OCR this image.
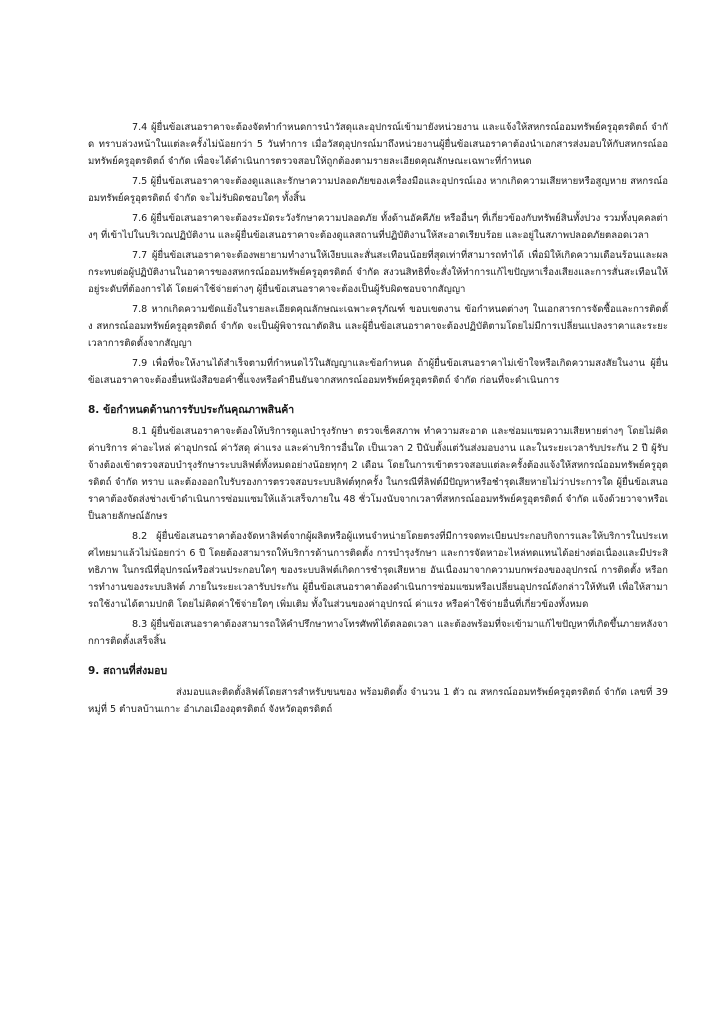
7.4 ผู้ยื่นข้อเสนอราคาจะต้องจัดทำกำหนดการนำวัสดุและอุปกรณ์เข้ามายังหน่วยงาน และแจ้งให้สหกรณ์ออมทรัพย์ครูอุตรดิตถ์ จำกัด ทราบล่วงหน้าในแต่ละครั้งไม่น้อยกว่า 5 วันทำการ เมื่อวัสดุอุปกรณ์มาถึงหน่วยงานผู้ยื่นข้อเสนอราคาต้องนำเอกสารส่งมอบให้กับสหกรณ์ออมทรัพย์ครูอุตรดิตถ์ จำกัด เพื่อจะได้ดำเนินการตรวจสอบให้ถูกต้องตามรายละเอียดคุณลักษณะเฉพาะที่กำหนด

7.5 ผู้ยื่นข้อเสนอราคาจะต้องดูแลและรักษาความปลอดภัยของเครื่องมือและอุปกรณ์เอง หากเกิดความเสียหายหรือสูญหาย สหกรณ์ออมทรัพย์ครูอุตรดิตถ์ จำกัด จะไม่รับผิดชอบใดๆ ทั้งสิ้น

7.6 ผู้ยื่นข้อเสนอราคาจะต้องระมัดระวังรักษาความปลอดภัย ทั้งด้านอัคคีภัย หรืออื่นๆ ที่เกี่ยวข้องกับทรัพย์สินทั้งปวง รวมทั้งบุคคลต่างๆ ที่เข้าไปในบริเวณปฏิบัติงาน และผู้ยื่นข้อเสนอราคาจะต้องดูแลสถานที่ปฏิบัติงานให้สะอาดเรียบร้อย และอยู่ในสภาพปลอดภัยตลอดเวลา

7.7 ผู้ยื่นข้อเสนอราคาจะต้องพยายามทำงานให้เงียบและสั่นสะเทือนน้อยที่สุดเท่าที่สามารถทำได้ เพื่อมิให้เกิดความเดือนร้อนและผลกระทบต่อผู้ปฏิบัติงานในอาคารของสหกรณ์ออมทรัพย์ครูอุตรดิตถ์ จำกัด สงวนสิทธิที่จะสั่งให้ทำการแก้ไขปัญหาเรื่องเสียงและการสั่นสะเทือนให้อยู่ระดับที่ต้องการได้ โดยค่าใช้จ่ายต่างๆ ผู้ยื่นข้อเสนอราคาจะต้องเป็นผู้รับผิดชอบจากสัญญา

7.8 หากเกิดความขัดแย้งในรายละเอียดคุณลักษณะเฉพาะครุภัณฑ์ ขอบเขตงาน ข้อกำหนดต่างๆ ในเอกสารการจัดซื้อและการติดตั้ง สหกรณ์ออมทรัพย์ครูอุตรดิตถ์ จำกัด จะเป็นผู้พิจารณาตัดสิน และผู้ยื่นข้อเสนอราคาจะต้องปฏิบัติตามโดยไม่มีการเปลี่ยนแปลงราคาและระยะเวลาการติดตั้งจากสัญญา

7.9 เพื่อที่จะให้งานได้สำเร็จตามที่กำหนดไว้ในสัญญาและข้อกำหนด ถ้าผู้ยื่นข้อเสนอราคาไม่เข้าใจหรือเกิดความสงสัยในงาน ผู้ยื่นข้อเสนอราคาจะต้องยื่นหนังสือขอคำชี้แจงหรือคำยืนยันจากสหกรณ์ออมทรัพย์ครูอุตรดิตถ์ จำกัด ก่อนที่จะดำเนินการ

8. ข้อกำหนดด้านการรับประกันคุณภาพสินค้า

8.1 ผู้ยื่นข้อเสนอราคาจะต้องให้บริการดูแลบำรุงรักษา ตรวจเช็คสภาพ ทำความสะอาด และซ่อมแซมความเสียหายต่างๆ โดยไม่คิดค่าบริการ ค่าอะไหล่ ค่าอุปกรณ์ ค่าวัสดุ ค่าแรง และค่าบริการอื่นใด เป็นเวลา 2 ปีนับตั้งแต่วันส่งมอบงาน และในระยะเวลารับประกัน 2 ปี ผู้รับจ้างต้องเข้าตรวจสอบบำรุงรักษาระบบลิฟต์ทั้งหมดอย่างน้อยทุกๆ 2 เดือน โดยในการเข้าตรวจสอบแต่ละครั้งต้องแจ้งให้สหกรณ์ออมทรัพย์ครูอุตรดิตถ์ จำกัด ทราบ และต้องออกใบรับรองการตรวจสอบระบบลิฟต์ทุกครั้ง ในกรณีที่ลิฟต์มีปัญหาหรือชำรุดเสียหายไม่ว่าประการใด ผู้ยื่นข้อเสนอราคาต้องจัดส่งช่างเข้าดำเนินการซ่อมแซมให้แล้วเสร็จภายใน 48 ชั่วโมงนับจากเวลาที่สหกรณ์ออมทรัพย์ครูอุตรดิตถ์ จำกัด แจ้งด้วยวาจาหรือเป็นลายลักษณ์อักษร

8.2 ผู้ยื่นข้อเสนอราคาต้องจัดหาลิฟต์จากผู้ผลิตหรือผู้แทนจำหน่ายโดยตรงที่มีการจดทะเบียนประกอบกิจการและให้บริการในประเทศไทยมาแล้วไม่น้อยกว่า 6 ปี โดยต้องสามารถให้บริการด้านการติดตั้ง การบำรุงรักษา และการจัดหาอะไหล่ทดแทนได้อย่างต่อเนื่องและมีประสิทธิภาพ ในกรณีที่อุปกรณ์หรือส่วนประกอบใดๆ ของระบบลิฟต์เกิดการชำรุดเสียหาย อันเนื่องมาจากความบกพร่องของอุปกรณ์ การติดตั้ง หรือการทำงานของระบบลิฟต์ ภายในระยะเวลารับประกัน ผู้ยื่นข้อเสนอราคาต้องดำเนินการซ่อมแซมหรือเปลี่ยนอุปกรณ์ดังกล่าวให้ทันที เพื่อให้สามารถใช้งานได้ตามปกติ โดยไม่คิดค่าใช้จ่ายใดๆ เพิ่มเติม ทั้งในส่วนของค่าอุปกรณ์ ค่าแรง หรือค่าใช้จ่ายอื่นที่เกี่ยวข้องทั้งหมด

8.3 ผู้ยื่นข้อเสนอราคาต้องสามารถให้คำปรึกษาทางโทรศัพท์ได้ตลอดเวลา และต้องพร้อมที่จะเข้ามาแก้ไขปัญหาที่เกิดขึ้นภายหลังจากการติดตั้งเสร็จสิ้น

9. สถานที่ส่งมอบ

ส่งมอบและติดตั้งลิฟต์โดยสารสำหรับขนของ พร้อมติดตั้ง จำนวน 1 ตัว ณ สหกรณ์ออมทรัพย์ครูอุตรดิตถ์ จำกัด เลขที่ 39 หมู่ที่ 5 ตำบลบ้านเกาะ อำเภอเมืองอุตรดิตถ์ จังหวัดอุตรดิตถ์
